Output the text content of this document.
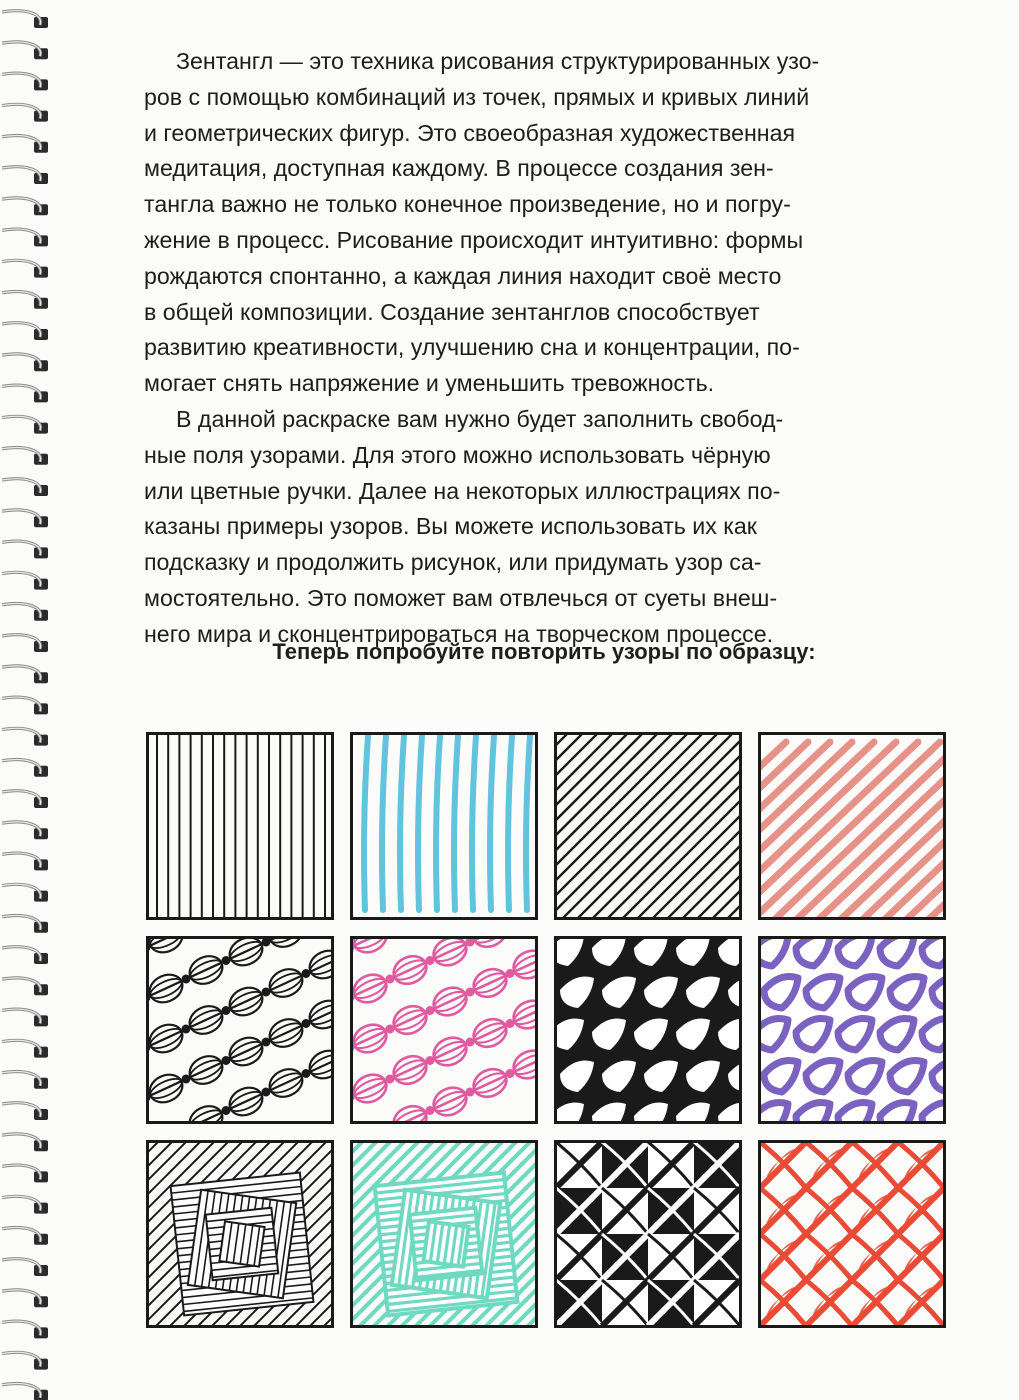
Зентангл — это техника рисования структурированных узо-
ров с помощью комбинаций из точек, прямых и кривых линий
и геометрических фигур. Это своеобразная художественная
медитация, доступная каждому. В процессе создания зен-
тангла важно не только конечное произведение, но и погру-
жение в процесс. Рисование происходит интуитивно: формы
рождаются спонтанно, а каждая линия находит своё место
в общей композиции. Создание зентанглов способствует
развитию креативности, улучшению сна и концентрации, по-
могает снять напряжение и уменьшить тревожность.

В данной раскраске вам нужно будет заполнить свобод-
ные поля узорами. Для этого можно использовать чёрную
или цветные ручки. Далее на некоторых иллюстрациях по-
казаны примеры узоров. Вы можете использовать их как
подсказку и продолжить рисунок, или придумать узор са-
мостоятельно. Это поможет вам отвлечься от суеты внеш-
него мира и сконцентрироваться на творческом процессе.

Теперь попробуйте повторить узоры по образцу:
